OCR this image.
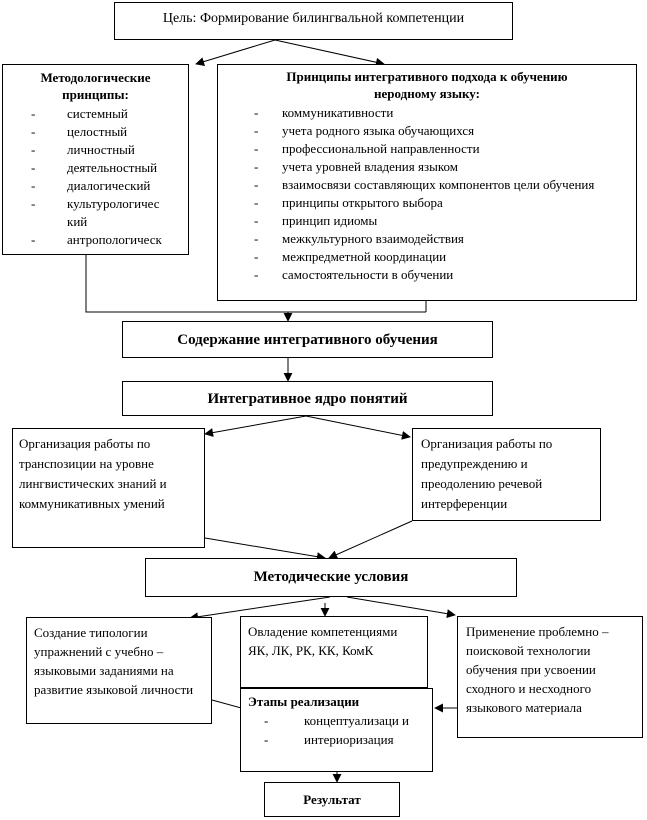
Цель: Формирование билингвальной компетенции
Методологические принципы:
- системный
- целостный
- личностный
- деятельностный
- диалогический
- культурологичес кий
- антропологическ
Принципы интегративного подхода к обучению неродному языку:
- коммуникативности
- учета родного языка обучающихся
- профессиональной направленности
- учета уровней владения языком
- взаимосвязи составляющих компонентов цели обучения
- принципы открытого выбора
- принцип идиомы
- межкультурного взаимодействия
- межпредметной координации
- самостоятельности в обучении
Содержание интегративного обучения
Интегративное ядро понятий
Организация работы по транспозиции на уровне лингвистических знаний и коммуникативных умений
Организация работы по предупреждению и преодолению речевой интерференции
Методические условия
Создание типологии упражнений с учебно – языковыми заданиями на развитие языковой личности
Овладение компетенциями ЯК, ЛК, РК, КК, КомК
Применение проблемно – поисковой технологии обучения при усвоении сходного и несходного языкового материала
Этапы реализации
-	концептуализаци и
-	интериоризация
Результат
